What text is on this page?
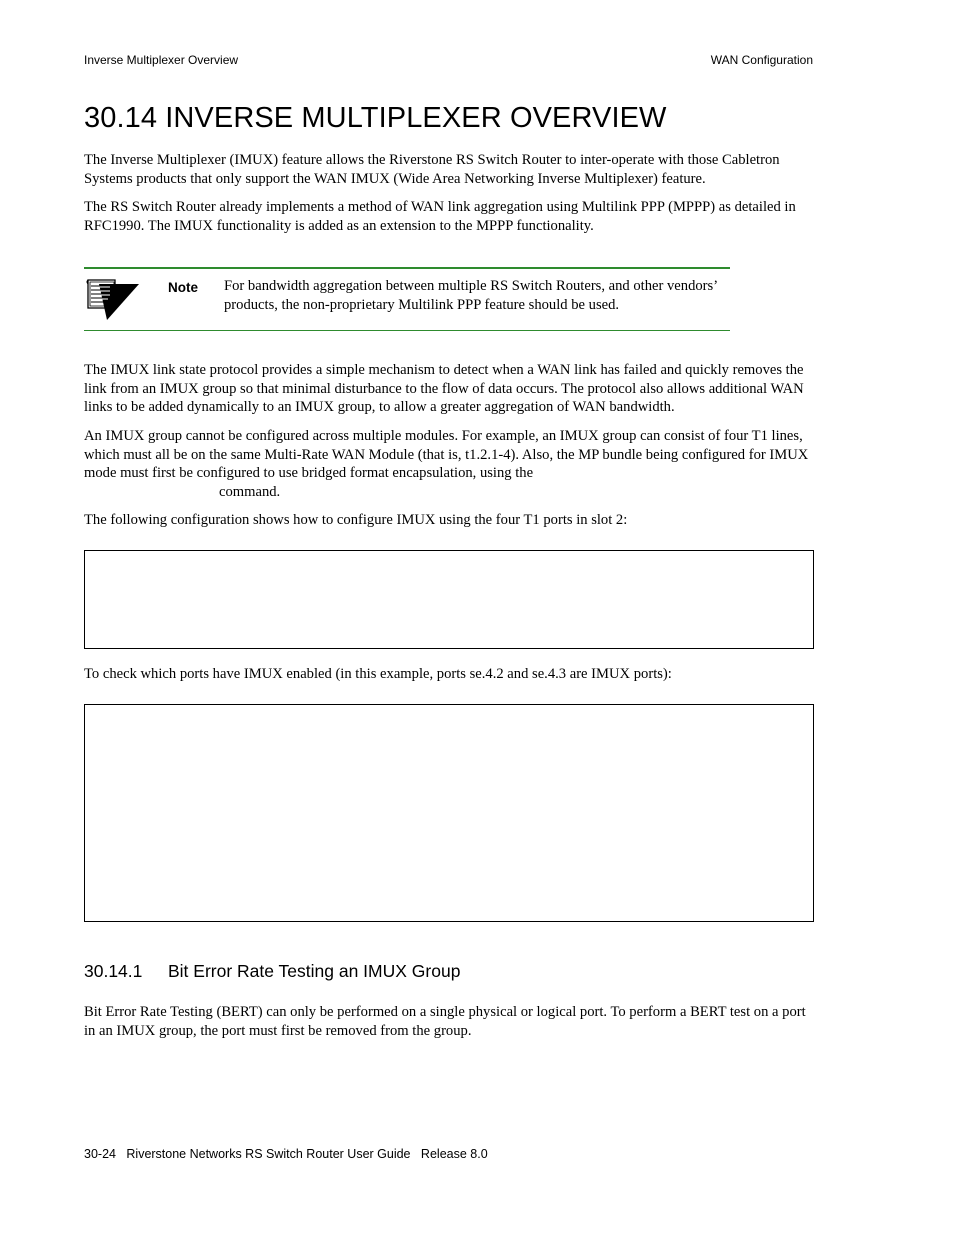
Inverse Multiplexer Overview	WAN Configuration
30.14 INVERSE MULTIPLEXER OVERVIEW

The Inverse Multiplexer (IMUX) feature allows the Riverstone RS Switch Router to inter-operate with those Cabletron Systems products that only support the WAN IMUX (Wide Area Networking Inverse Multiplexer) feature.

The RS Switch Router already implements a method of WAN link aggregation using Multilink PPP (MPPP) as detailed in RFC1990. The IMUX functionality is added as an extension to the MPPP functionality.

Note For bandwidth aggregation between multiple RS Switch Routers, and other vendors’ products, the non-proprietary Multilink PPP feature should be used.

The IMUX link state protocol provides a simple mechanism to detect when a WAN link has failed and quickly removes the link from an IMUX group so that minimal disturbance to the flow of data occurs. The protocol also allows additional WAN links to be added dynamically to an IMUX group, to allow a greater aggregation of WAN bandwidth.

An IMUX group cannot be configured across multiple modules. For example, an IMUX group can consist of four T1 lines, which must all be on the same Multi-Rate WAN Module (that is, t1.2.1-4). Also, the MP bundle being configured for IMUX mode must first be configured to use bridged format encapsulation, using the
command.

The following configuration shows how to configure IMUX using the four T1 ports in slot 2:

To check which ports have IMUX enabled (in this example, ports se.4.2 and se.4.3 are IMUX ports):

30.14.1 Bit Error Rate Testing an IMUX Group

Bit Error Rate Testing (BERT) can only be performed on a single physical or logical port. To perform a BERT test on a port in an IMUX group, the port must first be removed from the group.

30-24   Riverstone Networks RS Switch Router User Guide   Release 8.0
